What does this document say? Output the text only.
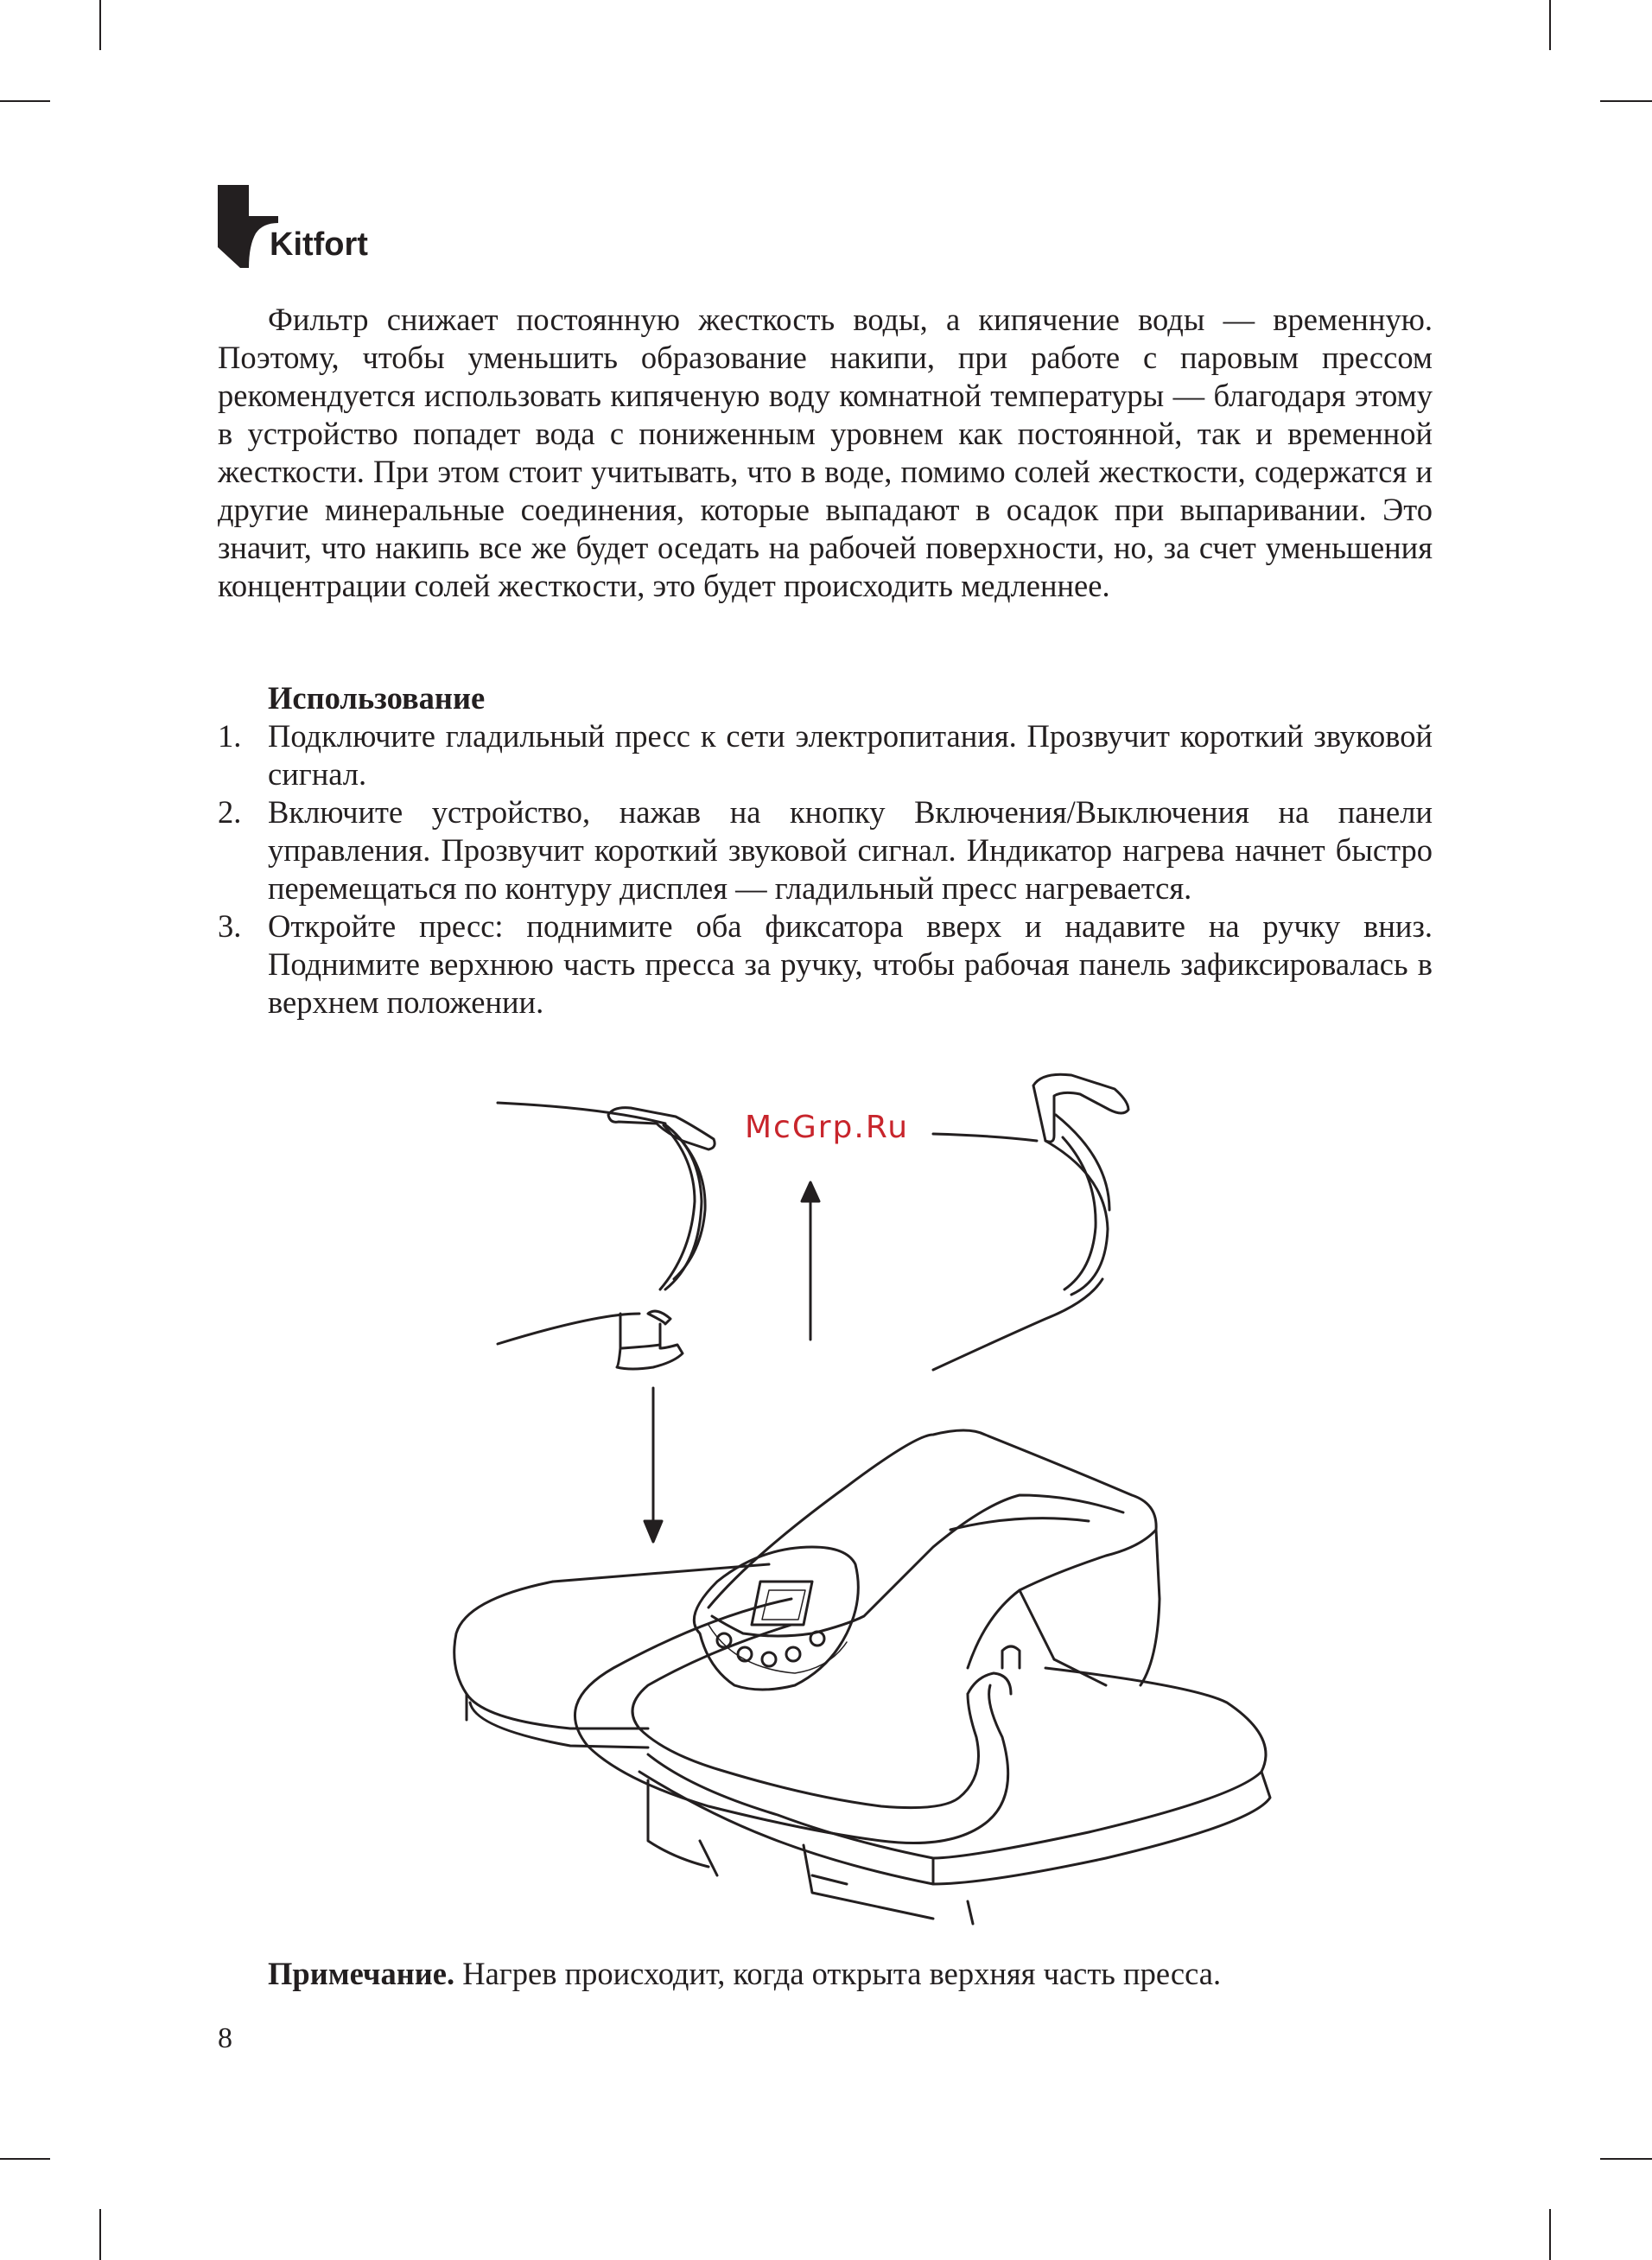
Kitfort

Фильтр снижает постоянную жесткость воды, а кипячение воды — временную. Поэтому, чтобы уменьшить образование накипи, при работе с паровым прессом рекомендуется использовать кипяченую воду комнатной температуры — благодаря этому в устройство попадет вода с пониженным уровнем как постоянной, так и временной жесткости. При этом стоит учитывать, что в воде, помимо солей жесткости, содержатся и другие минеральные соединения, которые выпадают в осадок при выпаривании. Это значит, что накипь все же будет оседать на рабочей поверхности, но, за счет уменьшения концентрации солей жесткости, это будет происходить медленнее.

Использование

1. Подключите гладильный пресс к сети электропитания. Прозвучит короткий звуковой сигнал.
2. Включите устройство, нажав на кнопку Включения/Выключения на панели управления. Прозвучит короткий звуковой сигнал. Индикатор нагрева начнет быстро перемещаться по контуру дисплея — гладильный пресс нагревается.
3. Откройте пресс: поднимите оба фиксатора вверх и надавите на ручку вниз. Поднимите верхнюю часть пресса за ручку, чтобы рабочая панель зафиксировалась в верхнем положении.
McGrp.Ru
Примечание. Нагрев происходит, когда открыта верхняя часть пресса.
8
